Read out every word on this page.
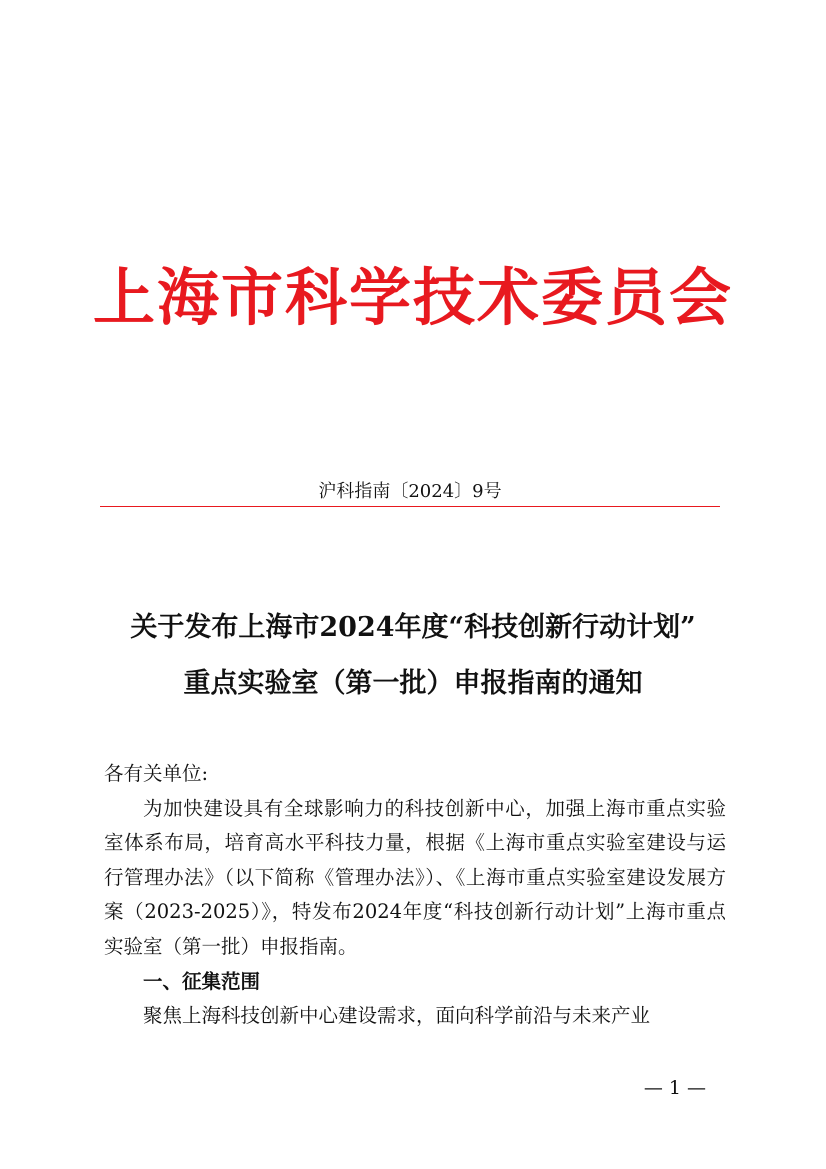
上海市科学技术委员会
沪科指南〔2024〕9号
关于发布上海市2024年度“科技创新行动计划”
重点实验室（第一批）申报指南的通知

各有关单位:

为加快建设具有全球影响力的科技创新中心，加强上海市重点实验室体系布局，培育高水平科技力量，根据《上海市重点实验室建设与运行管理办法》（以下简称《管理办法》）、《上海市重点实验室建设发展方案（2023-2025）》，特发布2024年度“科技创新行动计划”上海市重点实验室（第一批）申报指南。

一、征集范围

聚焦上海科技创新中心建设需求，面向科学前沿与未来产业

— 1 —
